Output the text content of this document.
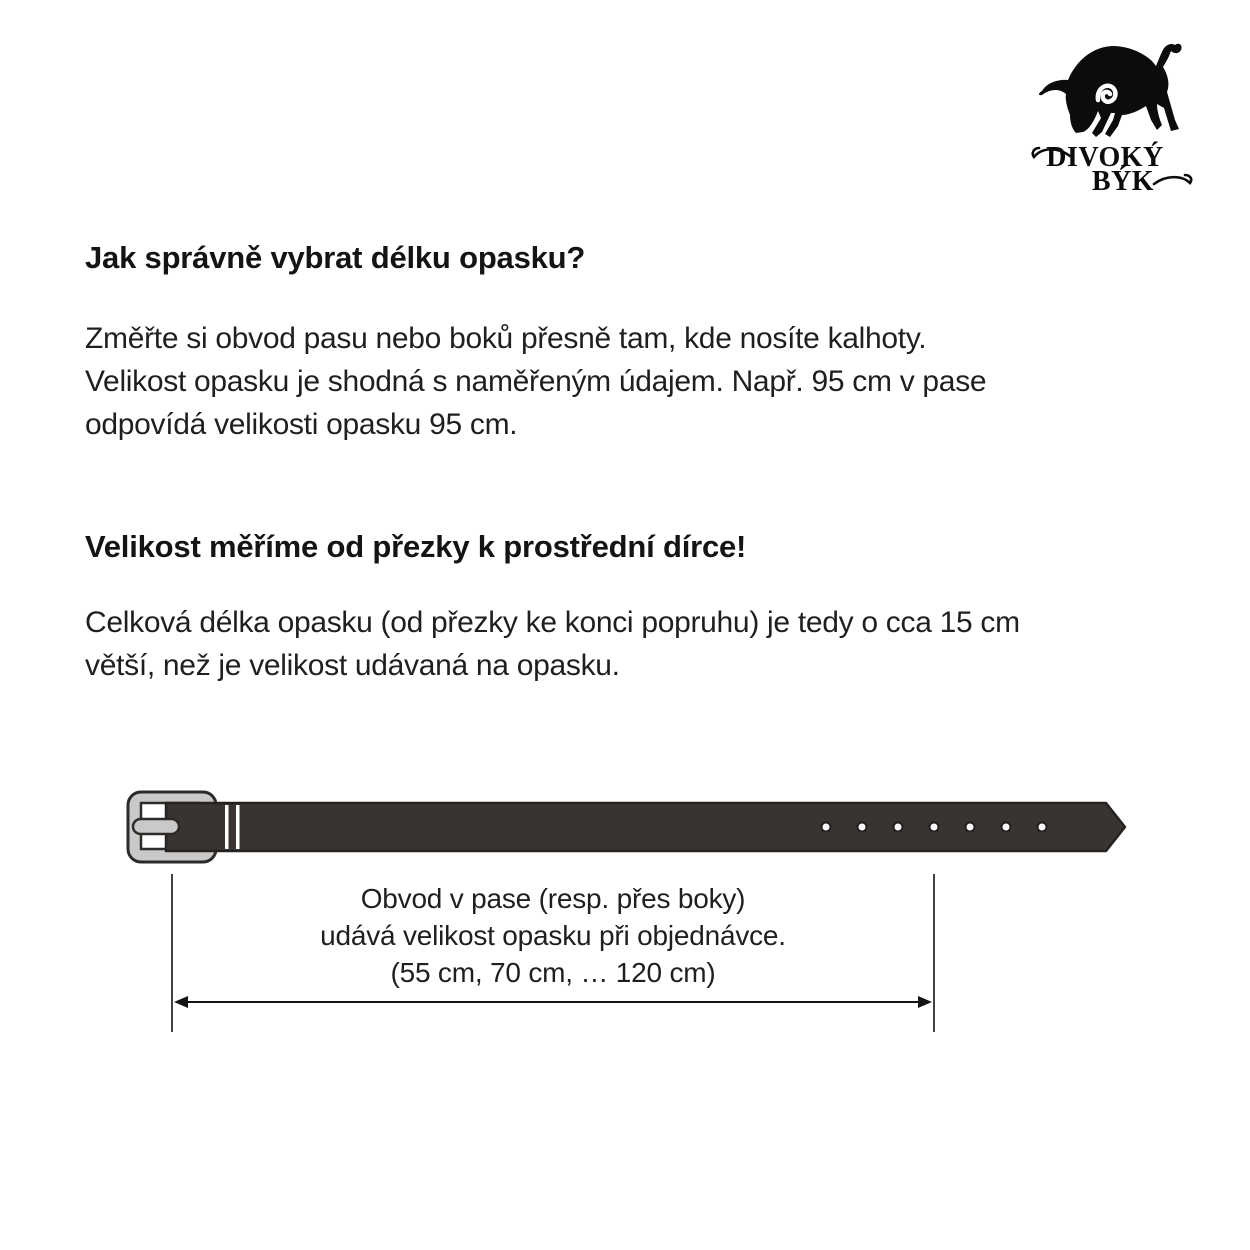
DIVOKÝ
BÝK
Jak správně vybrat délku opasku?
Změřte si obvod pasu nebo boků přesně tam, kde nosíte kalhoty.
Velikost opasku je shodná s naměřeným údajem. Např. 95 cm v pase
odpovídá velikosti opasku 95 cm.
Velikost měříme od přezky k prostřední dírce!
Celková délka opasku (od přezky ke konci popruhu) je tedy o cca 15 cm
větší, než je velikost udávaná na opasku.
Obvod v pase (resp. přes boky)
udává velikost opasku při objednávce.
(55 cm, 70 cm, … 120 cm)
